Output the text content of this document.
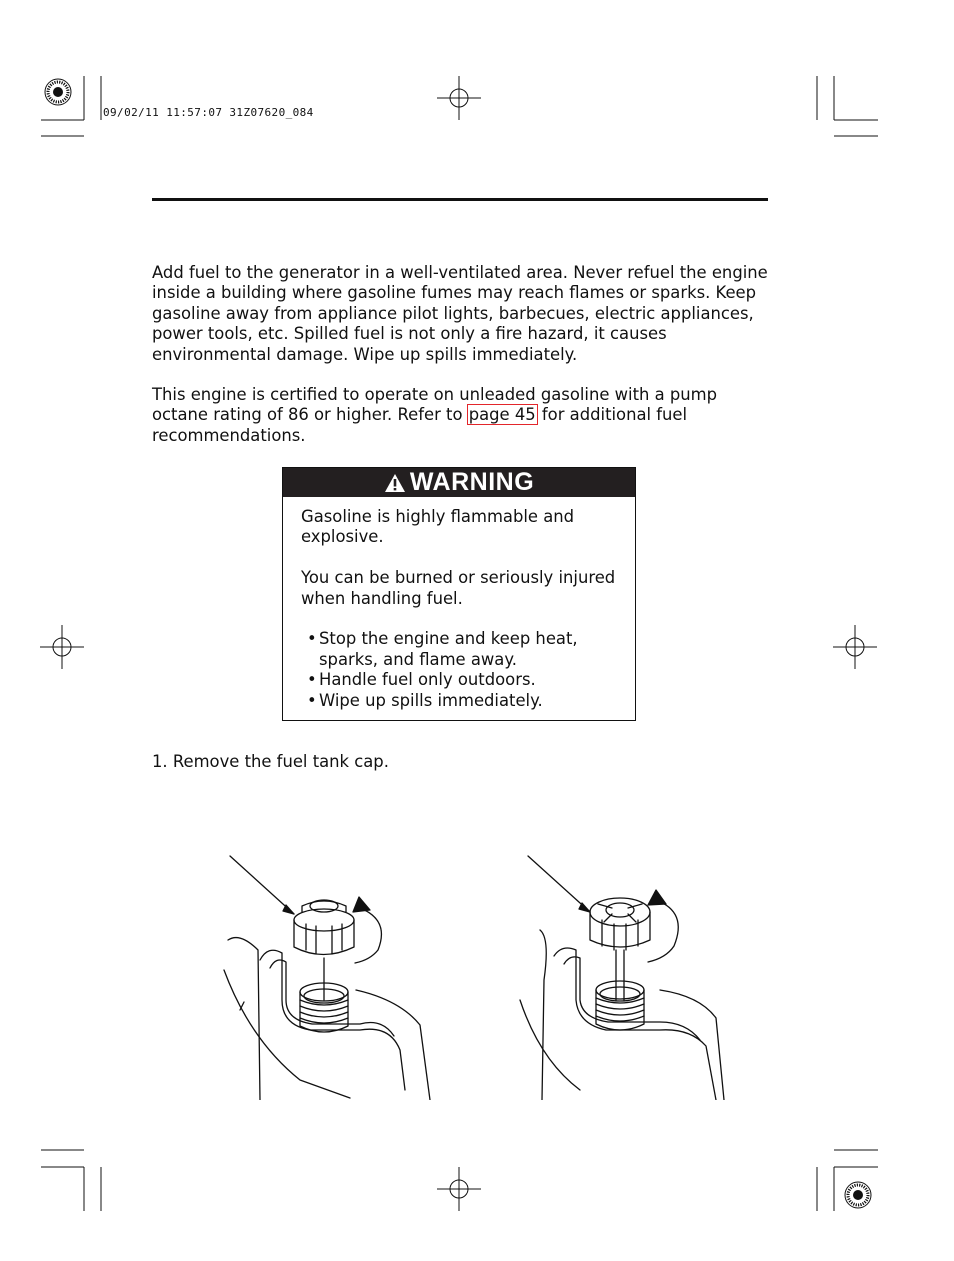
09/02/11 11:57:07 31Z07620_084

Add fuel to the generator in a well-ventilated area. Never refuel the engine inside a building where gasoline fumes may reach flames or sparks. Keep gasoline away from appliance pilot lights, barbecues, electric appliances, power tools, etc. Spilled fuel is not only a fire hazard, it causes environmental damage. Wipe up spills immediately.

This engine is certified to operate on unleaded gasoline with a pump octane rating of 86 or higher. Refer to page 45 for additional fuel recommendations.

WARNING

Gasoline is highly flammable and explosive.

You can be burned or seriously injured when handling fuel.

• Stop the engine and keep heat, sparks, and flame away.
• Handle fuel only outdoors.
• Wipe up spills immediately.

1. Remove the fuel tank cap.
